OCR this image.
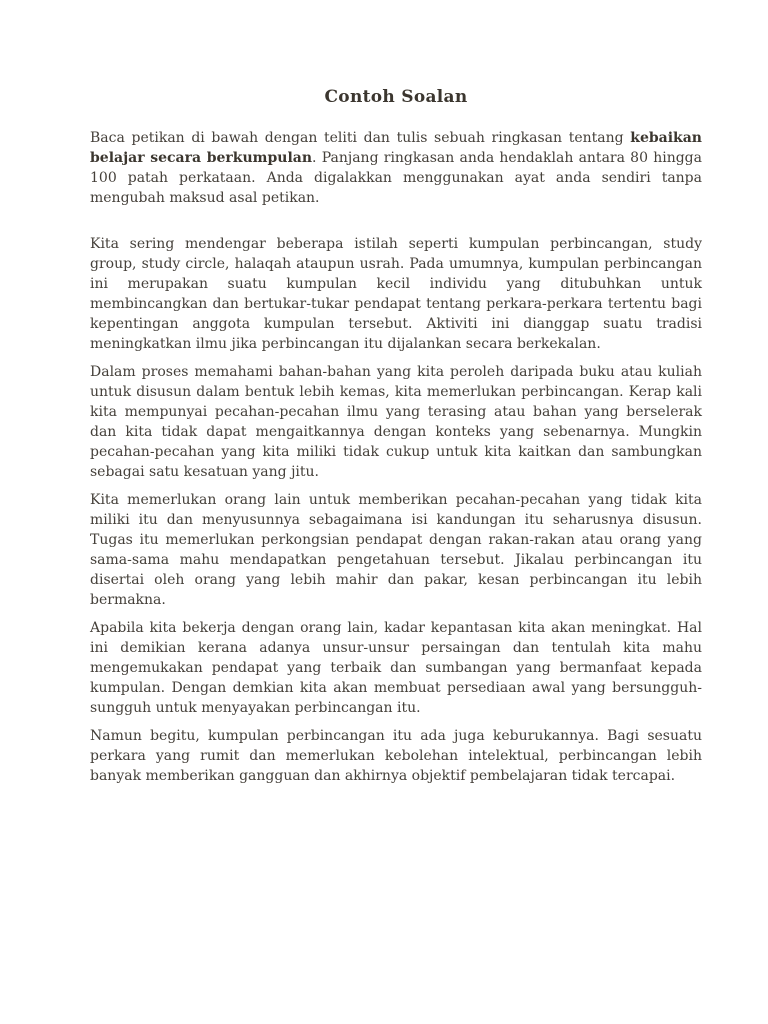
Contoh Soalan

Baca petikan di bawah dengan teliti dan tulis sebuah ringkasan tentang kebaikan belajar secara berkumpulan. Panjang ringkasan anda hendaklah antara 80 hingga 100 patah perkataan. Anda digalakkan menggunakan ayat anda sendiri tanpa mengubah maksud asal petikan.

Kita sering mendengar beberapa istilah seperti kumpulan perbincangan, study group, study circle, halaqah ataupun usrah. Pada umumnya, kumpulan perbincangan ini merupakan suatu kumpulan kecil individu yang ditubuhkan untuk membincangkan dan bertukar-tukar pendapat tentang perkara-perkara tertentu bagi kepentingan anggota kumpulan tersebut. Aktiviti ini dianggap suatu tradisi meningkatkan ilmu jika perbincangan itu dijalankan secara berkekalan.

Dalam proses memahami bahan-bahan yang kita peroleh daripada buku atau kuliah untuk disusun dalam bentuk lebih kemas, kita memerlukan perbincangan. Kerap kali kita mempunyai pecahan-pecahan ilmu yang terasing atau bahan yang berselerak dan kita tidak dapat mengaitkannya dengan konteks yang sebenarnya. Mungkin pecahan-pecahan yang kita miliki tidak cukup untuk kita kaitkan dan sambungkan sebagai satu kesatuan yang jitu.

Kita memerlukan orang lain untuk memberikan pecahan-pecahan yang tidak kita miliki itu dan menyusunnya sebagaimana isi kandungan itu seharusnya disusun. Tugas itu memerlukan perkongsian pendapat dengan rakan-rakan atau orang yang sama-sama mahu mendapatkan pengetahuan tersebut. Jikalau perbincangan itu disertai oleh orang yang lebih mahir dan pakar, kesan perbincangan itu lebih bermakna.

Apabila kita bekerja dengan orang lain, kadar kepantasan kita akan meningkat. Hal ini demikian kerana adanya unsur-unsur persaingan dan tentulah kita mahu mengemukakan pendapat yang terbaik dan sumbangan yang bermanfaat kepada kumpulan. Dengan demkian kita akan membuat persediaan awal yang bersungguh-sungguh untuk menyayakan perbincangan itu.

Namun begitu, kumpulan perbincangan itu ada juga keburukannya. Bagi sesuatu perkara yang rumit dan memerlukan kebolehan intelektual, perbincangan lebih banyak memberikan gangguan dan akhirnya objektif pembelajaran tidak tercapai.
